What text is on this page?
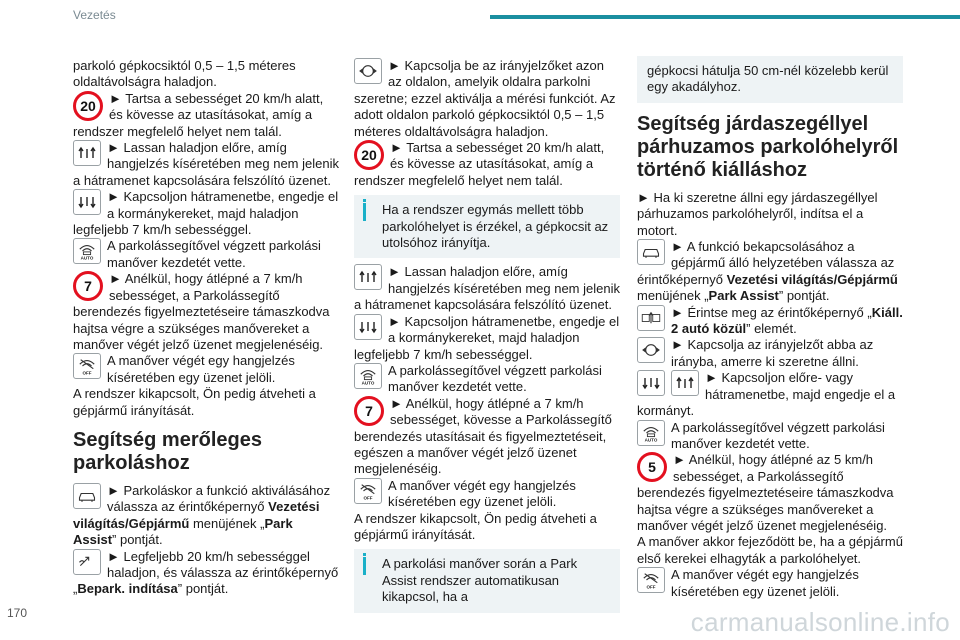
Vezetés

parkoló gépkocsiktól 0,5 – 1,5 méteres oldaltávolságra haladjon.

20	► Tartsa a sebességet 20 km/h alatt, és kövesse az utasításokat, amíg a rendszer megfelelő helyet nem talál.

► Lassan haladjon előre, amíg hangjelzés kíséretében meg nem jelenik a hátramenet kapcsolására felszólító üzenet.

► Kapcsoljon hátramenetbe, engedje el a kormánykereket, majd haladjon legfeljebb 7 km/h sebességgel.

AUTO

A parkolássegítővel végzett parkolási manőver kezdetét vette.

7	► Anélkül, hogy átlépné a 7 km/h sebességet, a Parkolássegítő berendezés figyelmeztetéseire támaszkodva hajtsa végre a szükséges manővereket a manőver végét jelző üzenet megjelenéséig.

OFF

A manőver végét egy hangjelzés kíséretében egy üzenet jelöli.

A rendszer kikapcsolt, Ön pedig átveheti a gépjármű irányítását.

Segítség merőleges parkoláshoz

► Parkoláskor a funkció aktiválásához válassza az érintőképernyő Vezetési világítás/Gépjármű menüjének „Park Assist” pontját.

► Legfeljebb 20 km/h sebességgel haladjon, és válassza az érintőképernyő „Bepark. indítása” pontját.

► Kapcsolja be az irányjelzőket azon az oldalon, amelyik oldalra parkolni szeretne; ezzel aktiválja a mérési funkciót. Az adott oldalon parkoló gépkocsiktól 0,5 – 1,5 méteres oldaltávolságra haladjon.

20	► Tartsa a sebességet 20 km/h alatt, és kövesse az utasításokat, amíg a rendszer megfelelő helyet nem talál.

Ha a rendszer egymás mellett több parkolóhelyet is érzékel, a gépkocsit az utolsóhoz irányítja.

► Lassan haladjon előre, amíg hangjelzés kíséretében meg nem jelenik a hátramenet kapcsolására felszólító üzenet.

► Kapcsoljon hátramenetbe, engedje el a kormánykereket, majd haladjon legfeljebb 7 km/h sebességgel.

AUTO

A parkolássegítővel végzett parkolási manőver kezdetét vette.

7	► Anélkül, hogy átlépné a 7 km/h sebességet, kövesse a Parkolássegítő berendezés utasításait és figyelmeztetéseit, egészen a manőver végét jelző üzenet megjelenéséig.

OFF

A manőver végét egy hangjelzés kíséretében egy üzenet jelöli.

A rendszer kikapcsolt, Ön pedig átveheti a gépjármű irányítását.

A parkolási manőver során a Park Assist rendszer automatikusan kikapcsol, ha a
gépkocsi hátulja 50 cm-nél közelebb kerül egy akadályhoz.
Segítség járdaszegéllyel párhuzamos parkolóhelyről történő kiálláshoz

► Ha ki szeretne állni egy járdaszegéllyel párhuzamos parkolóhelyről, indítsa el a motort.

► A funkció bekapcsolásához a gépjármű álló helyzetében válassza az érintőképernyő Vezetési világítás/Gépjármű menüjének „Park Assist” pontját.

► Érintse meg az érintőképernyő „Kiáll. 2 autó közül” elemét.

► Kapcsolja az irányjelzőt abba az irányba, amerre ki szeretne állni.

► Kapcsoljon előre- vagy hátramenetbe, majd engedje el a kormányt.

AUTO

A parkolássegítővel végzett parkolási manőver kezdetét vette.

5	► Anélkül, hogy átlépné az 5 km/h sebességet, a Parkolássegítő berendezés figyelmeztetéseire támaszkodva hajtsa végre a szükséges manővereket a manőver végét jelző üzenet megjelenéséig.

A manőver akkor fejeződött be, ha a gépjármű első kerekei elhagyták a parkolóhelyet.

OFF

A manőver végét egy hangjelzés kíséretében egy üzenet jelöli.

170	carmanualsonline.info
